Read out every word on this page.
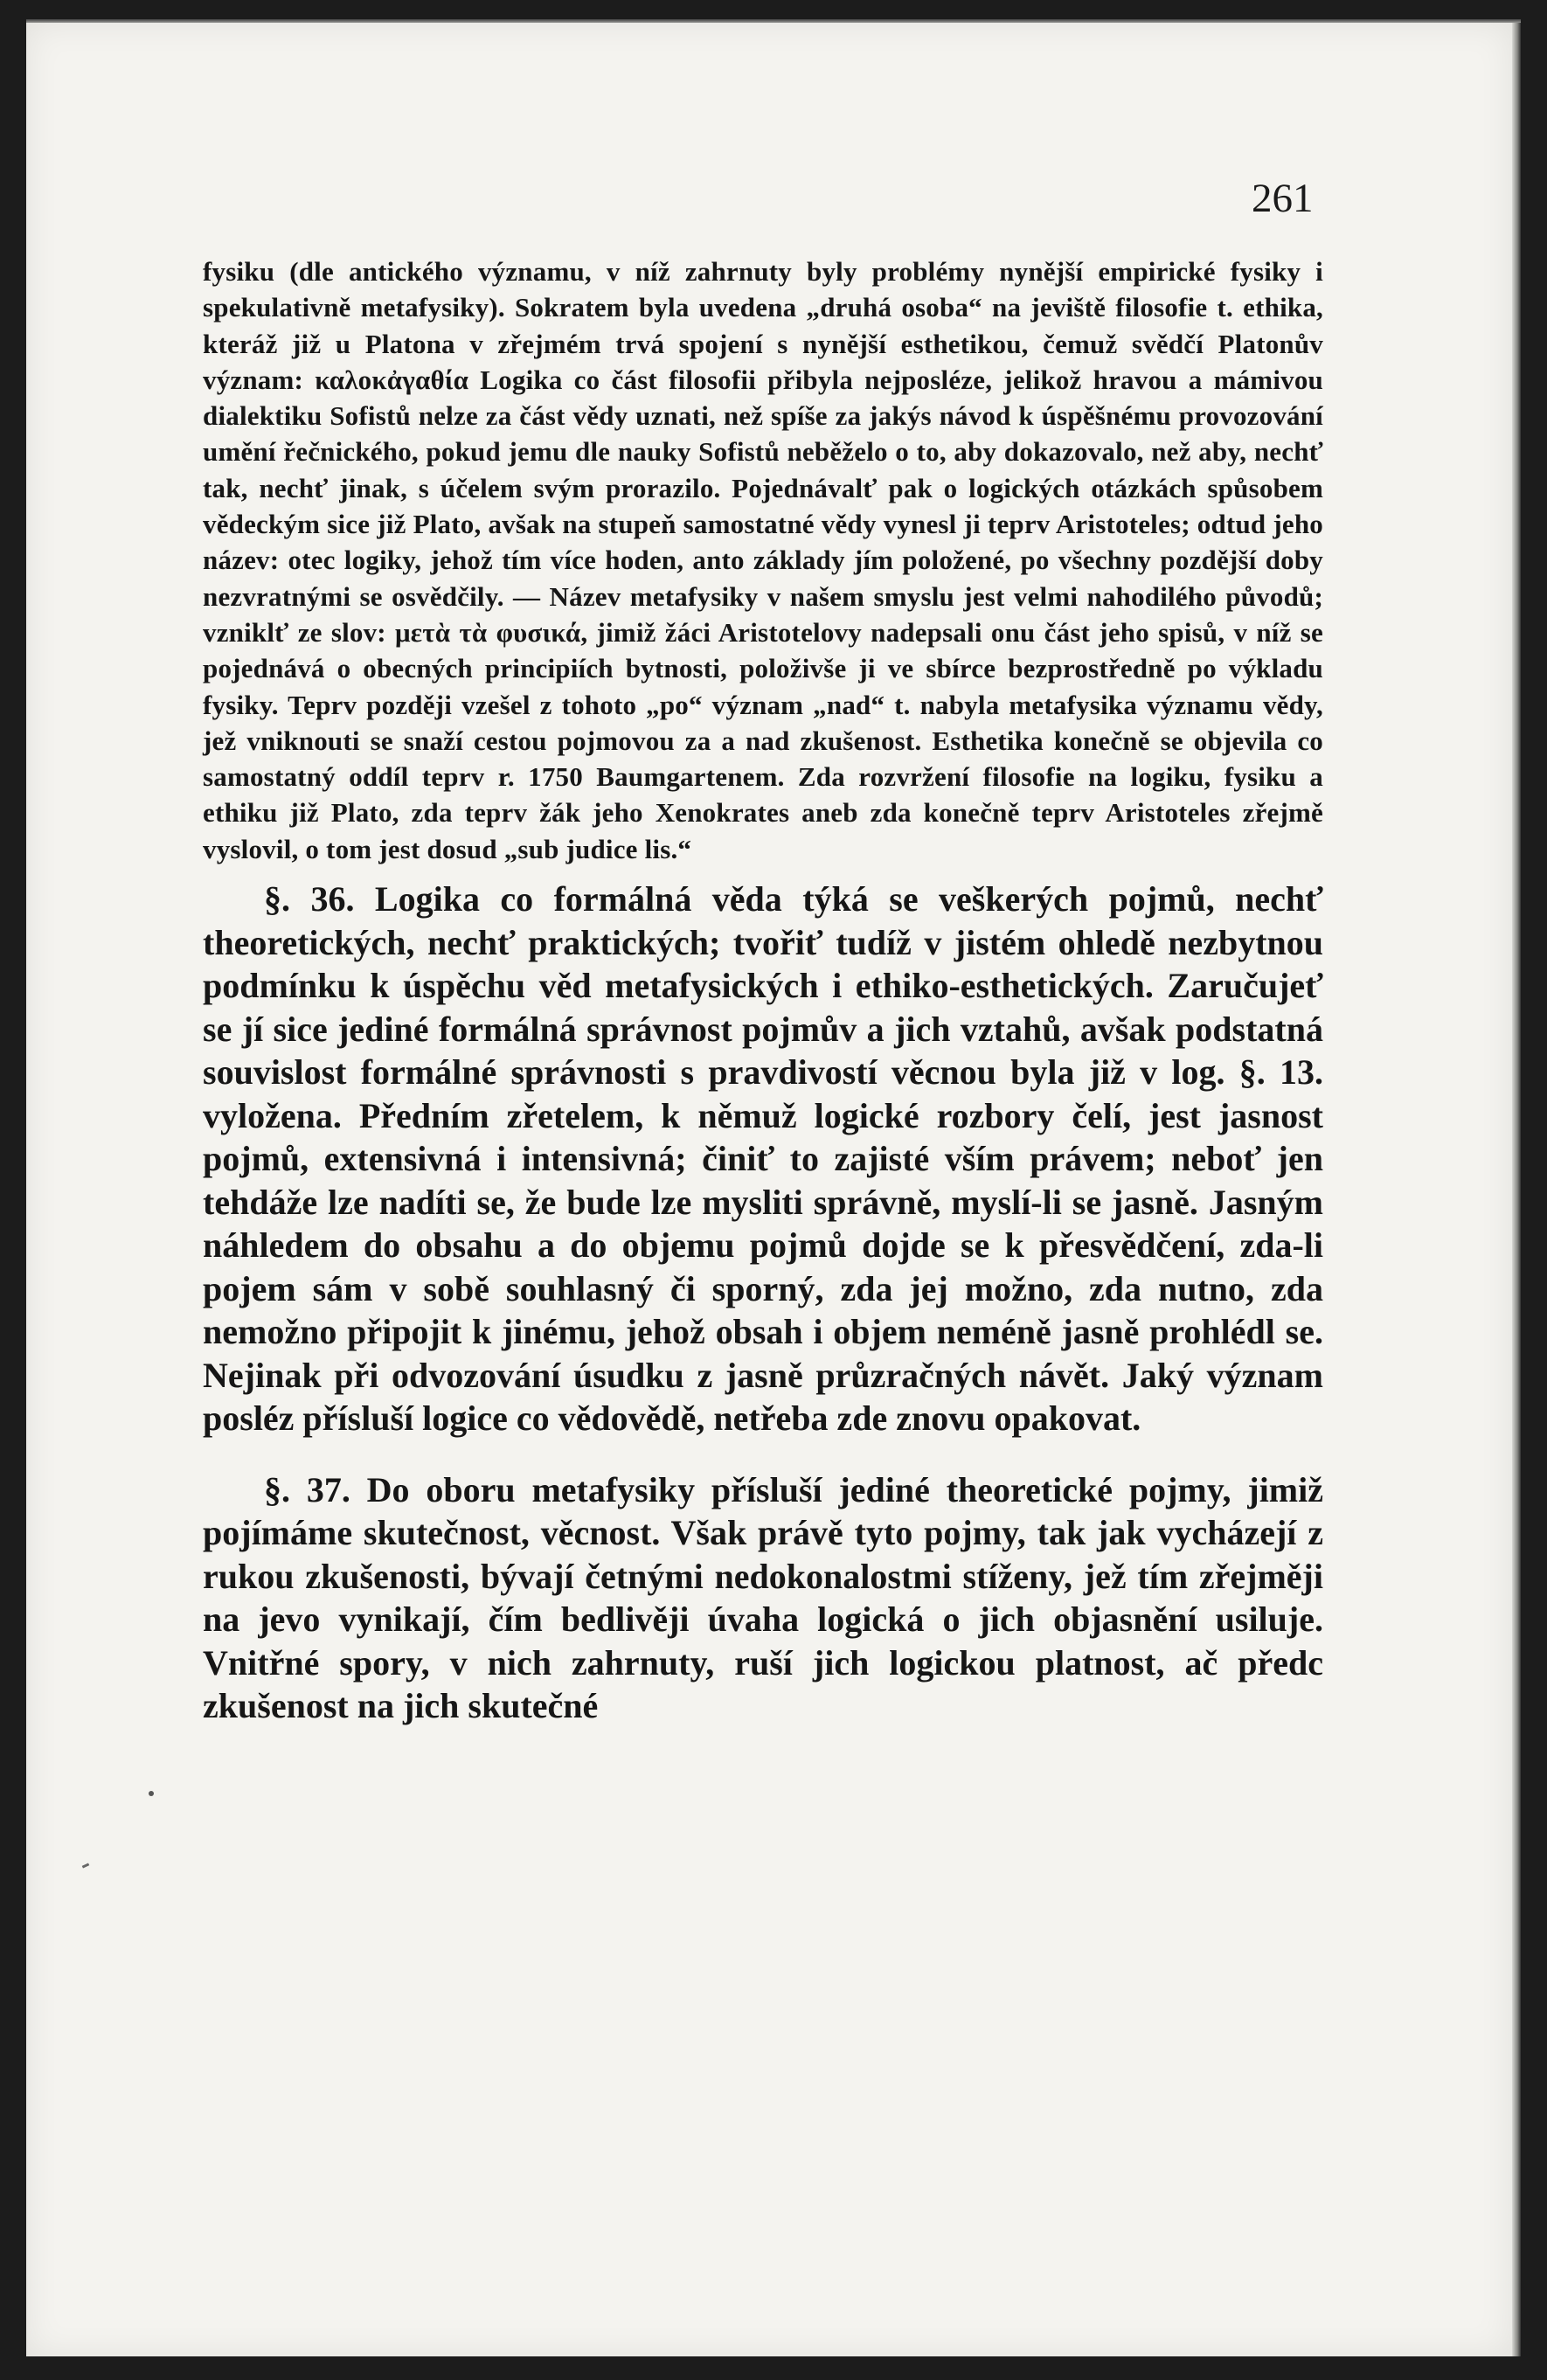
261

fysiku (dle antického významu, v níž zahrnuty byly problémy nynější empirické fysiky i spekulativně metafysiky). Sokratem byla uvedena „druhá osoba“ na jeviště filosofie t. ethika, kteráž již u Platona v zřejmém trvá spojení s nynější esthetikou, čemuž svědčí Platonův význam: καλοκἀγαθία Logika co část filosofii přibyla nejposléze, jelikož hravou a mámivou dialektiku Sofistů nelze za část vědy uznati, než spíše za jakýs návod k úspěšnému provozování umění řečnického, pokud jemu dle nauky Sofistů neběželo o to, aby dokazovalo, než aby, nechť tak, nechť jinak, s účelem svým prorazilo. Pojednávalť pak o logických otázkách spůsobem vědeckým sice již Plato, avšak na stupeň samostatné vědy vynesl ji teprv Aristoteles; odtud jeho název: otec logiky, jehož tím více hoden, anto základy jím položené, po všechny pozdější doby nezvratnými se osvědčily. — Název metafysiky v našem smyslu jest velmi nahodilého původů; vzniklť ze slov: μετὰ τὰ φυσικά, jimiž žáci Aristotelovy nadepsali onu část jeho spisů, v níž se pojednává o obecných principiích bytnosti, položivše ji ve sbírce bezprostředně po výkladu fysiky. Teprv později vzešel z tohoto „po“ význam „nad“ t. nabyla metafysika významu vědy, jež vniknouti se snaží cestou pojmovou za a nad zkušenost. Esthetika konečně se objevila co samostatný oddíl teprv r. 1750 Baumgartenem. Zda rozvržení filosofie na logiku, fysiku a ethiku již Plato, zda teprv žák jeho Xenokrates aneb zda konečně teprv Aristoteles zřejmě vyslovil, o tom jest dosud „sub judice lis.“

§. 36. Logika co formálná věda týká se veškerých pojmů, nechť theoretických, nechť praktických; tvořiť tudíž v jistém ohledě nezbytnou podmínku k úspěchu věd metafysických i ethiko-esthetických. Zaručujeť se jí sice jediné formálná správnost pojmův a jich vztahů, avšak podstatná souvislost formálné správnosti s pravdivostí věcnou byla již v log. §. 13. vyložena. Předním zřetelem, k němuž logické rozbory čelí, jest jasnost pojmů, extensivná i intensivná; činiť to zajisté vším právem; neboť jen tehdáže lze nadíti se, že bude lze mysliti správně, myslí-li se jasně. Jasným náhledem do obsahu a do objemu pojmů dojde se k přesvědčení, zda-li pojem sám v sobě souhlasný či sporný, zda jej možno, zda nutno, zda nemožno připojit k jinému, jehož obsah i objem neméně jasně prohlédl se. Nejinak při odvozování úsudku z jasně průzračných návět. Jaký význam posléz přísluší logice co vědovědě, netřeba zde znovu opakovat.

§. 37. Do oboru metafysiky přísluší jediné theoretické pojmy, jimiž pojímáme skutečnost, věcnost. Však právě tyto pojmy, tak jak vycházejí z rukou zkušenosti, bývají četnými nedokonalostmi stíženy, jež tím zřejměji na jevo vynikají, čím bedlivěji úvaha logická o jich objasnění usiluje. Vnitřné spory, v nich zahrnuty, ruší jich logickou platnost, ač předc zkušenost na jich skutečné
